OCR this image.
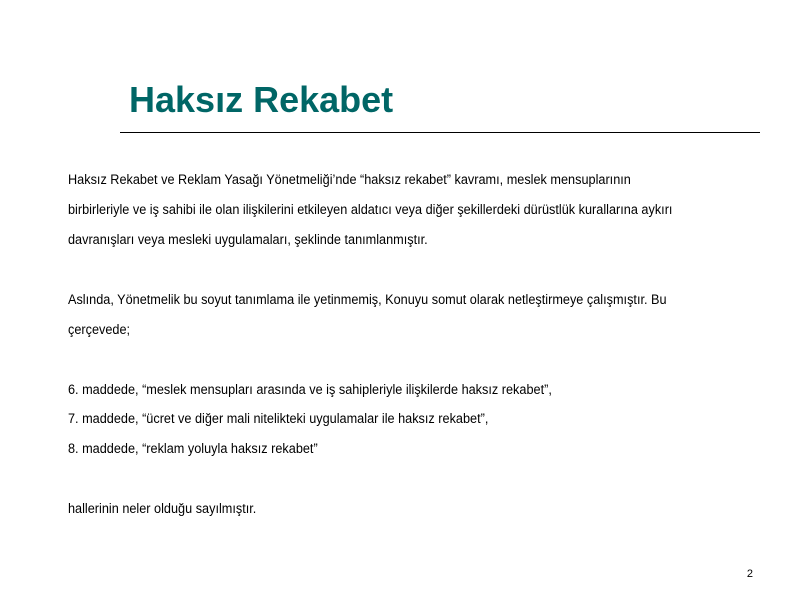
Haksız Rekabet

Haksız Rekabet ve Reklam Yasağı Yönetmeliği’nde “haksız rekabet” kavramı, meslek mensuplarının

birbirleriyle ve iş sahibi ile olan ilişkilerini etkileyen aldatıcı veya diğer şekillerdeki dürüstlük kurallarına aykırı

davranışları veya mesleki uygulamaları, şeklinde tanımlanmıştır.

Aslında, Yönetmelik bu soyut tanımlama ile yetinmemiş, Konuyu somut olarak netleştirmeye çalışmıştır. Bu

çerçevede;

6. maddede, “meslek mensupları arasında ve iş sahipleriyle ilişkilerde haksız rekabet”,

7. maddede, “ücret ve diğer mali nitelikteki uygulamalar ile haksız rekabet”,

8. maddede, “reklam yoluyla haksız rekabet”

hallerinin neler olduğu sayılmıştır.

2
